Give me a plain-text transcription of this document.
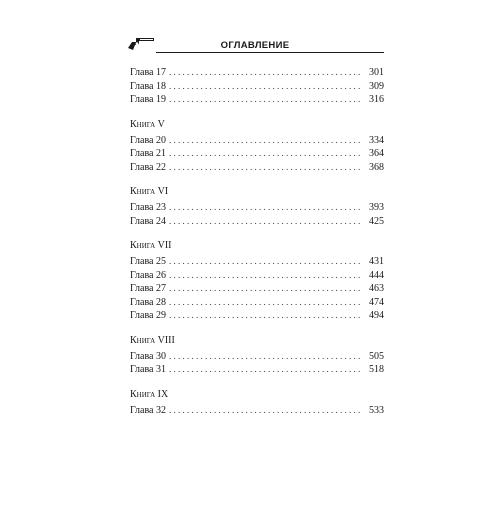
ОГЛАВЛЕНИЕ
Глава 17 . . .	301
Глава 18 . . .	309
Глава 19 . . .	316
Книга V
Глава 20 . . .	334
Глава 21 . . .	364
Глава 22 . . .	368
Книга VI
Глава 23 . . .	393
Глава 24 . . .	425
Книга VII
Глава 25 . . .	431
Глава 26 . . .	444
Глава 27 . . .	463
Глава 28 . . .	474
Глава 29 . . .	494
Книга VIII
Глава 30 . . .	505
Глава 31 . . .	518
Книга IX
Глава 32 . . .	533
